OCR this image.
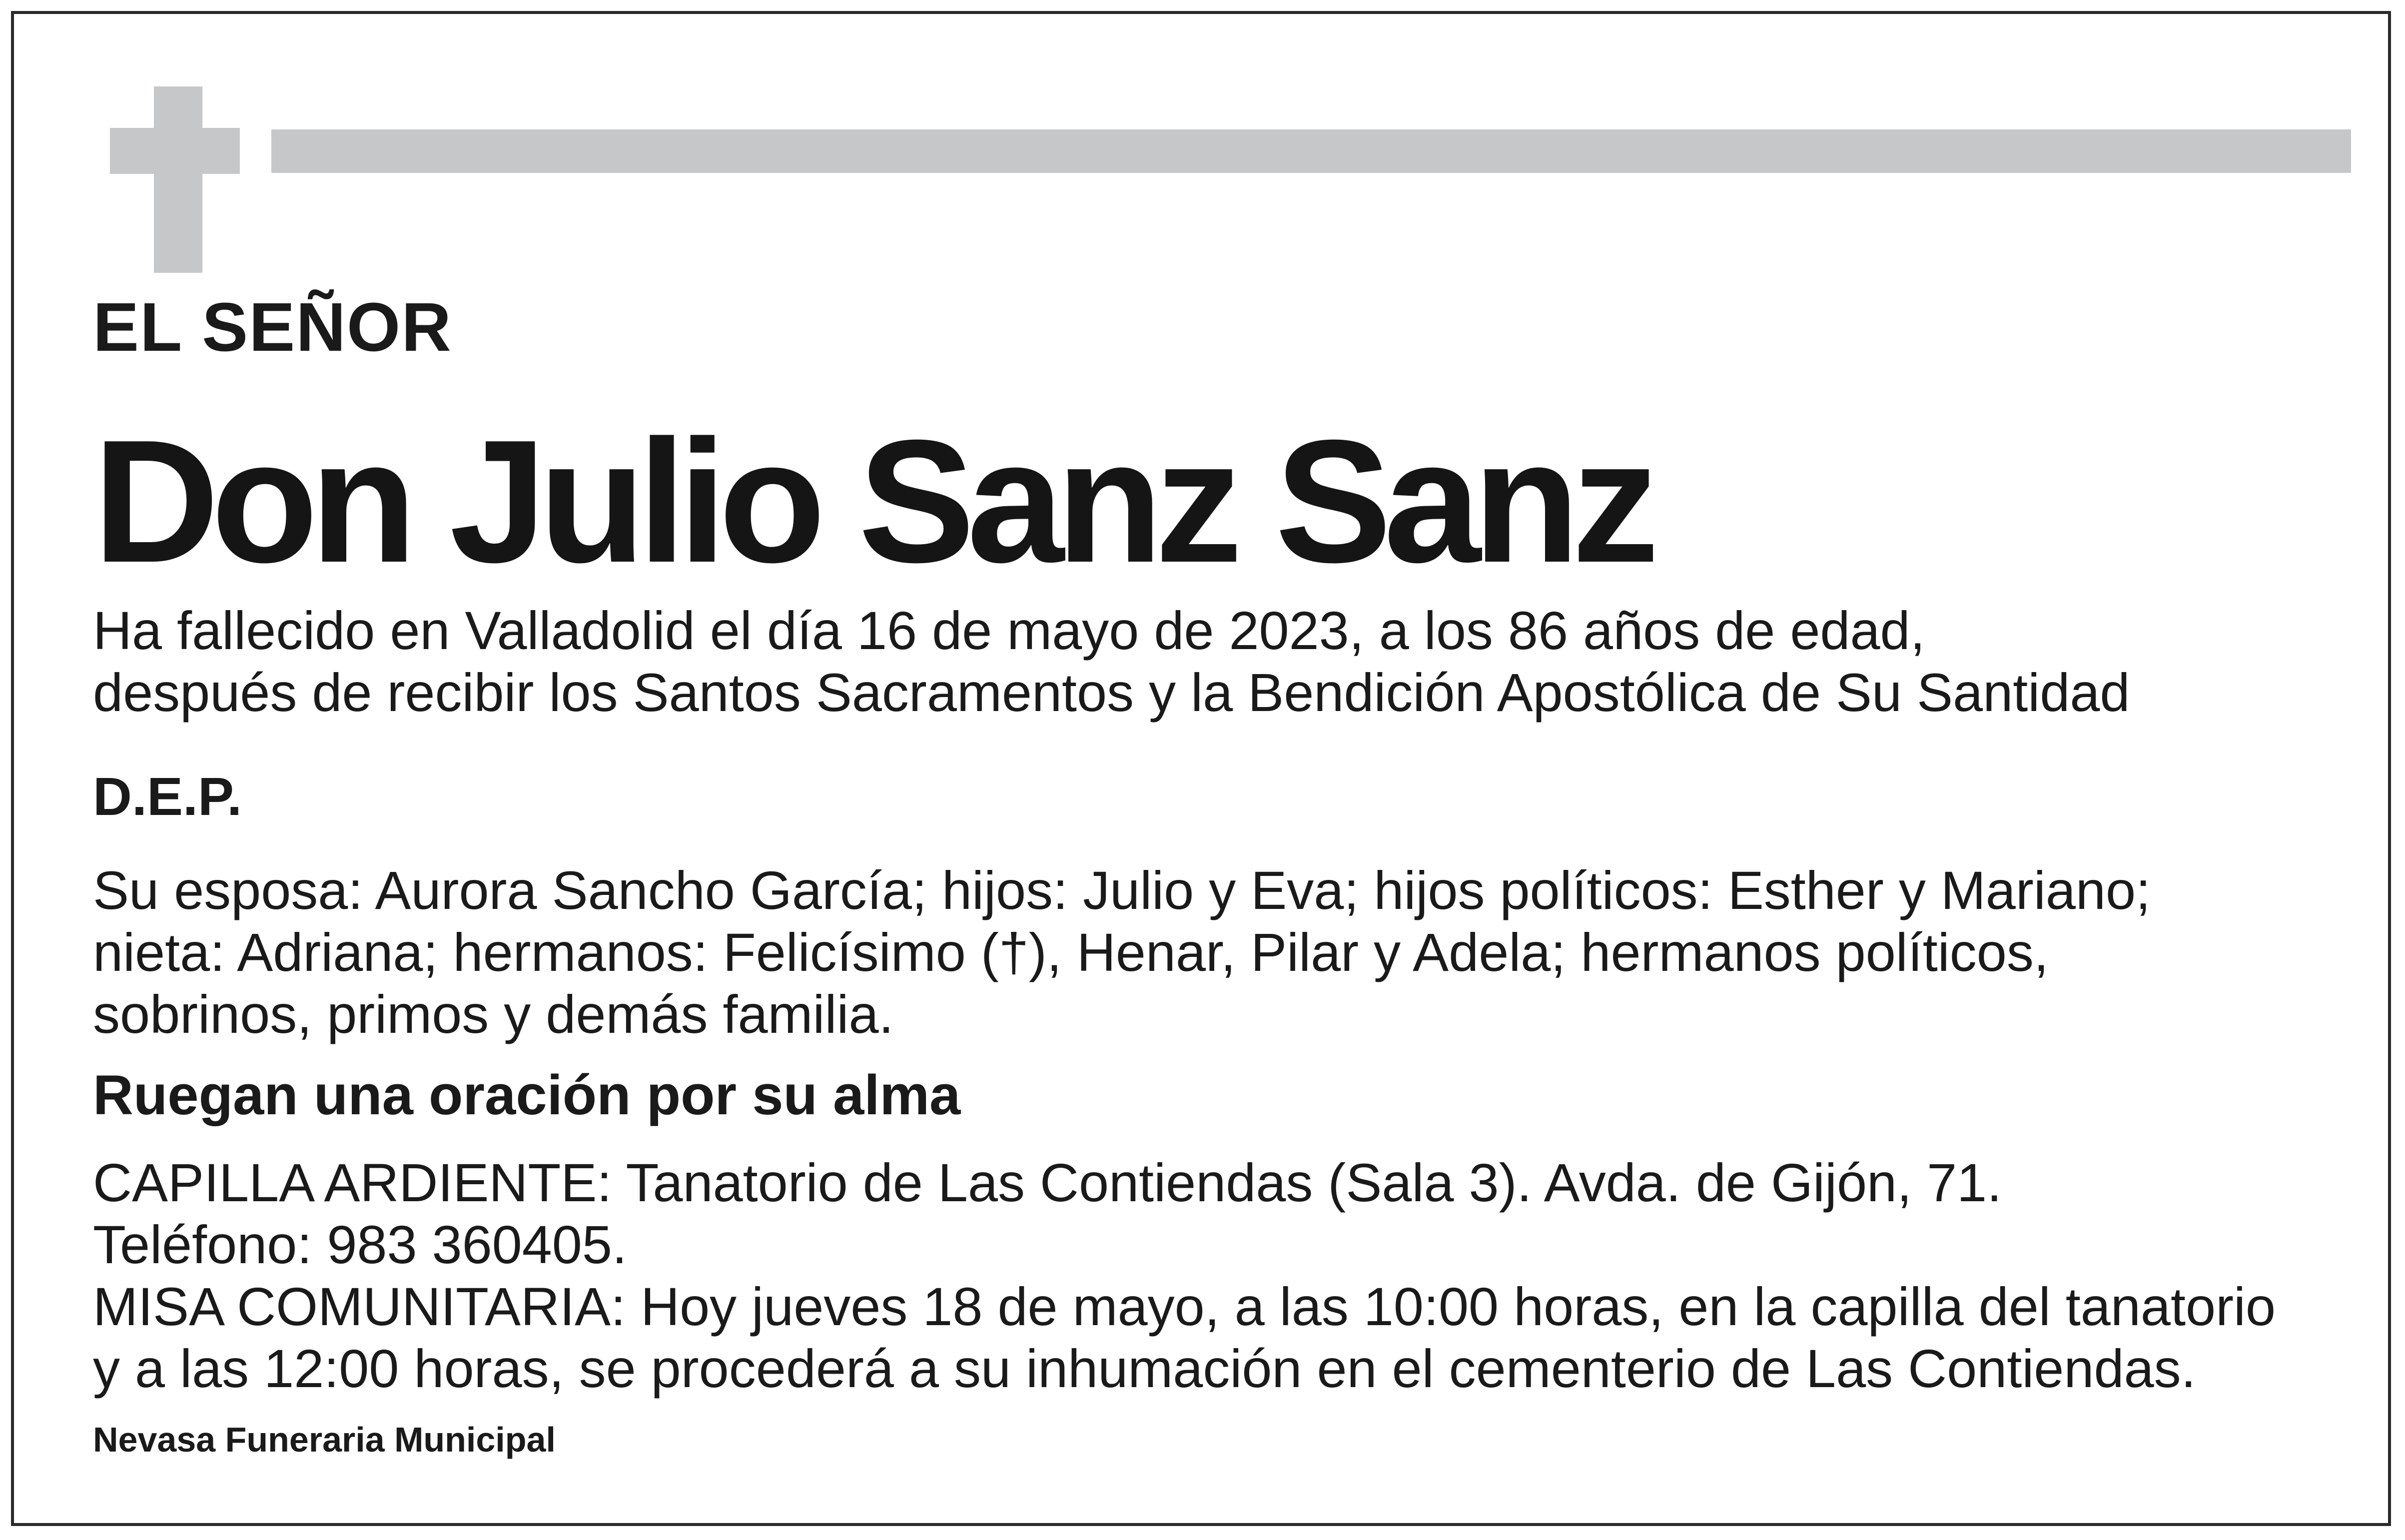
EL SEÑOR
Don Julio Sanz Sanz
Ha fallecido en Valladolid el día 16 de mayo de 2023, a los 86 años de edad,
después de recibir los Santos Sacramentos y la Bendición Apostólica de Su Santidad
D.E.P.
Su esposa: Aurora Sancho García; hijos: Julio y Eva; hijos políticos: Esther y Mariano;
nieta: Adriana; hermanos: Felicísimo (†), Henar, Pilar y Adela; hermanos políticos,
sobrinos, primos y demás familia.
Ruegan una oración por su alma
CAPILLA ARDIENTE: Tanatorio de Las Contiendas (Sala 3). Avda. de Gijón, 71.
Teléfono: 983 360405.
MISA COMUNITARIA: Hoy jueves 18 de mayo, a las 10:00 horas, en la capilla del tanatorio
y a las 12:00 horas, se procederá a su inhumación en el cementerio de Las Contiendas.
Nevasa Funeraria Municipal
